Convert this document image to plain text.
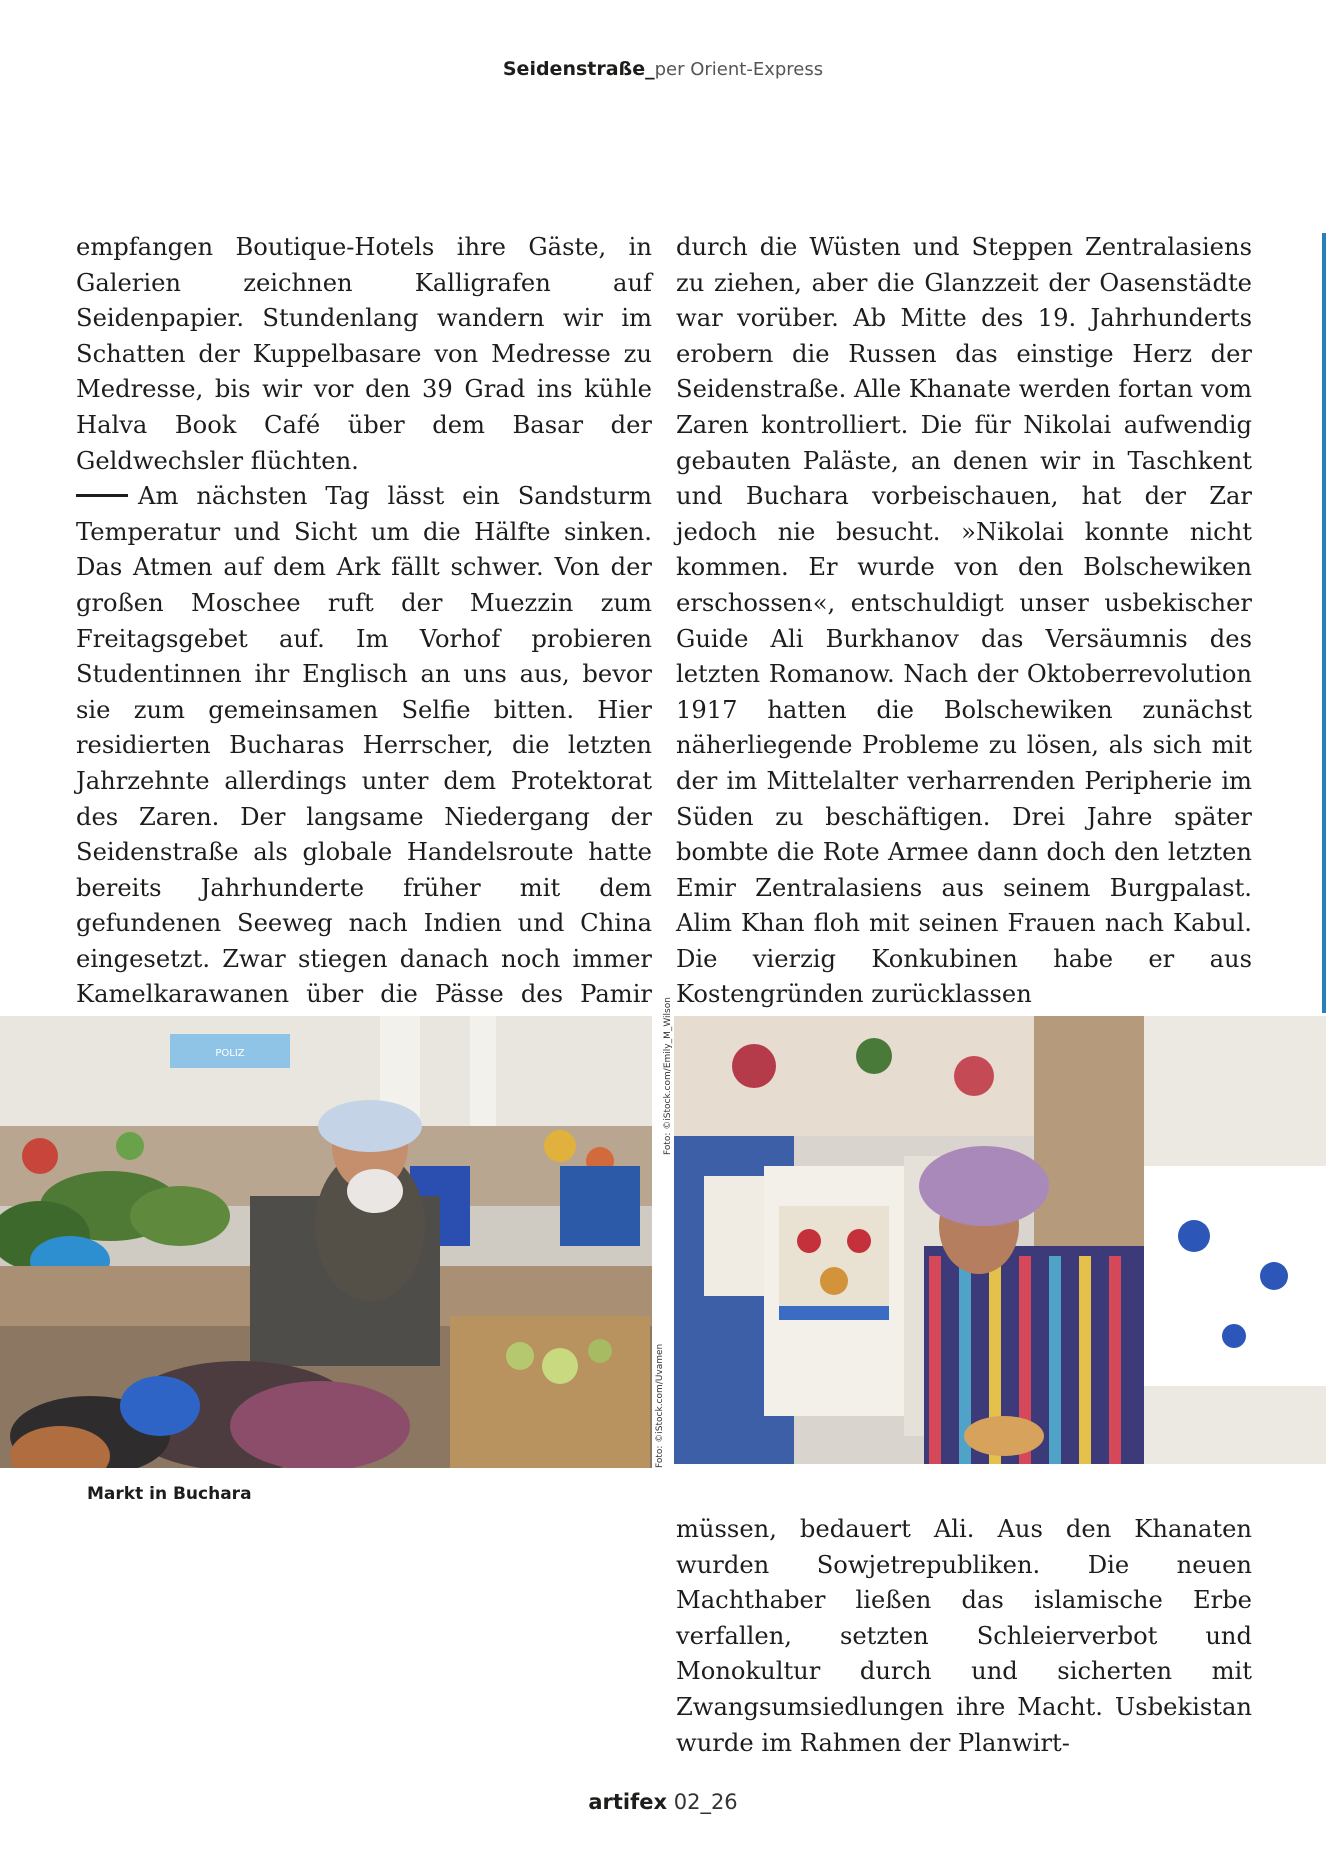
Seidenstraße_per Orient-Express

empfangen Boutique-Hotels ihre Gäste, in Galerien zeichnen Kalligrafen auf Seidenpapier. Stundenlang wandern wir im Schatten der Kuppelbasare von Medresse zu Medresse, bis wir vor den 39 Grad ins kühle Halva Book Café über dem Basar der Geldwechsler flüchten.

Am nächsten Tag lässt ein Sandsturm Temperatur und Sicht um die Hälfte sinken. Das Atmen auf dem Ark fällt schwer. Von der großen Moschee ruft der Muezzin zum Freitagsgebet auf. Im Vorhof probieren Studentinnen ihr Englisch an uns aus, bevor sie zum gemeinsamen Selfie bitten. Hier residierten Bucharas Herrscher, die letzten Jahrzehnte allerdings unter dem Protektorat des Zaren. Der langsame Niedergang der Seidenstraße als globale Handelsroute hatte bereits Jahrhunderte früher mit dem gefundenen Seeweg nach Indien und China eingesetzt. Zwar stiegen danach noch immer Kamelkarawanen über die Pässe des Pamir

durch die Wüsten und Steppen Zentralasiens zu ziehen, aber die Glanzzeit der Oasenstädte war vorüber. Ab Mitte des 19. Jahrhunderts erobern die Russen das einstige Herz der Seidenstraße. Alle Khanate werden fortan vom Zaren kontrolliert. Die für Nikolai aufwendig gebauten Paläste, an denen wir in Taschkent und Buchara vorbeischauen, hat der Zar jedoch nie besucht. »Nikolai konnte nicht kommen. Er wurde von den Bolschewiken erschossen«, entschuldigt unser usbekischer Guide Ali Burkhanov das Versäumnis des letzten Romanow. Nach der Oktoberrevolution 1917 hatten die Bolschewiken zunächst näherliegende Probleme zu lösen, als sich mit der im Mittelalter verharrenden Peripherie im Süden zu beschäftigen. Drei Jahre später bombte die Rote Armee dann doch den letzten Emir Zentralasiens aus seinem Burgpalast. Alim Khan floh mit seinen Frauen nach Kabul. Die vierzig Konkubinen habe er aus Kostengründen zurücklassen

POLIZ	Foto: ©iStock.com/Emily_M_Wilson
Foto: ©iStock.com/Uvamen
Markt in Buchara

müssen, bedauert Ali. Aus den Khanaten wurden Sowjetrepubliken. Die neuen Machthaber ließen das islamische Erbe verfallen, setzten Schleierverbot und Monokultur durch und sicherten mit Zwangsumsiedlungen ihre Macht. Usbekistan wurde im Rahmen der Planwirt-

artifex 02_26
